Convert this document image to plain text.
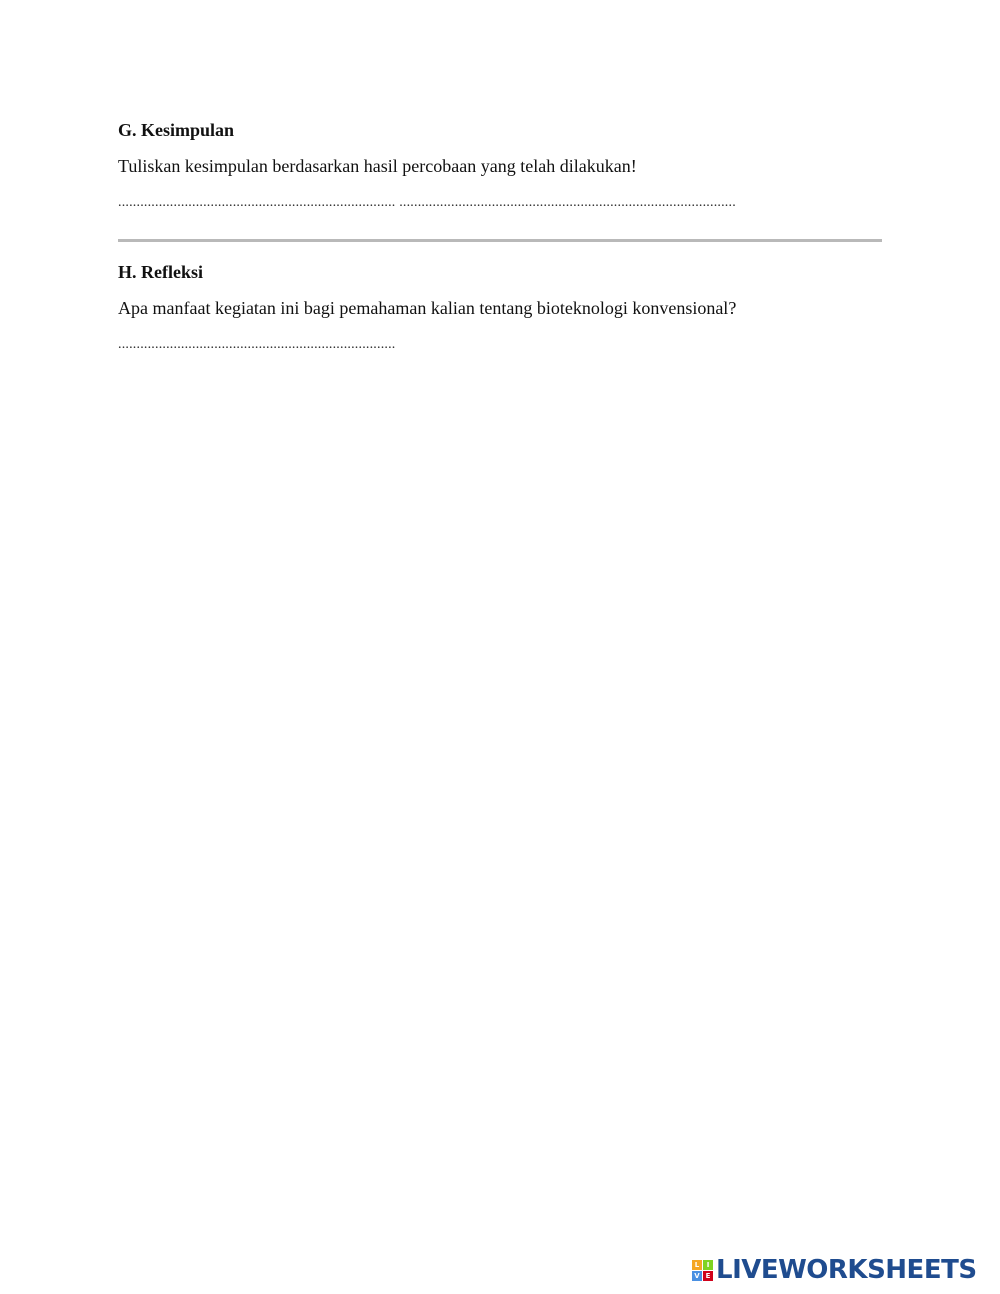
G. Kesimpulan

Tuliskan kesimpulan berdasarkan hasil percobaan yang telah dilakukan!

........................................................................... ...........................................................................................
H. Refleksi

Apa manfaat kegiatan ini bagi pemahaman kalian tentang bioteknologi konvensional?

...........................................................................
L	I
V E LIVEWORKSHEETS
